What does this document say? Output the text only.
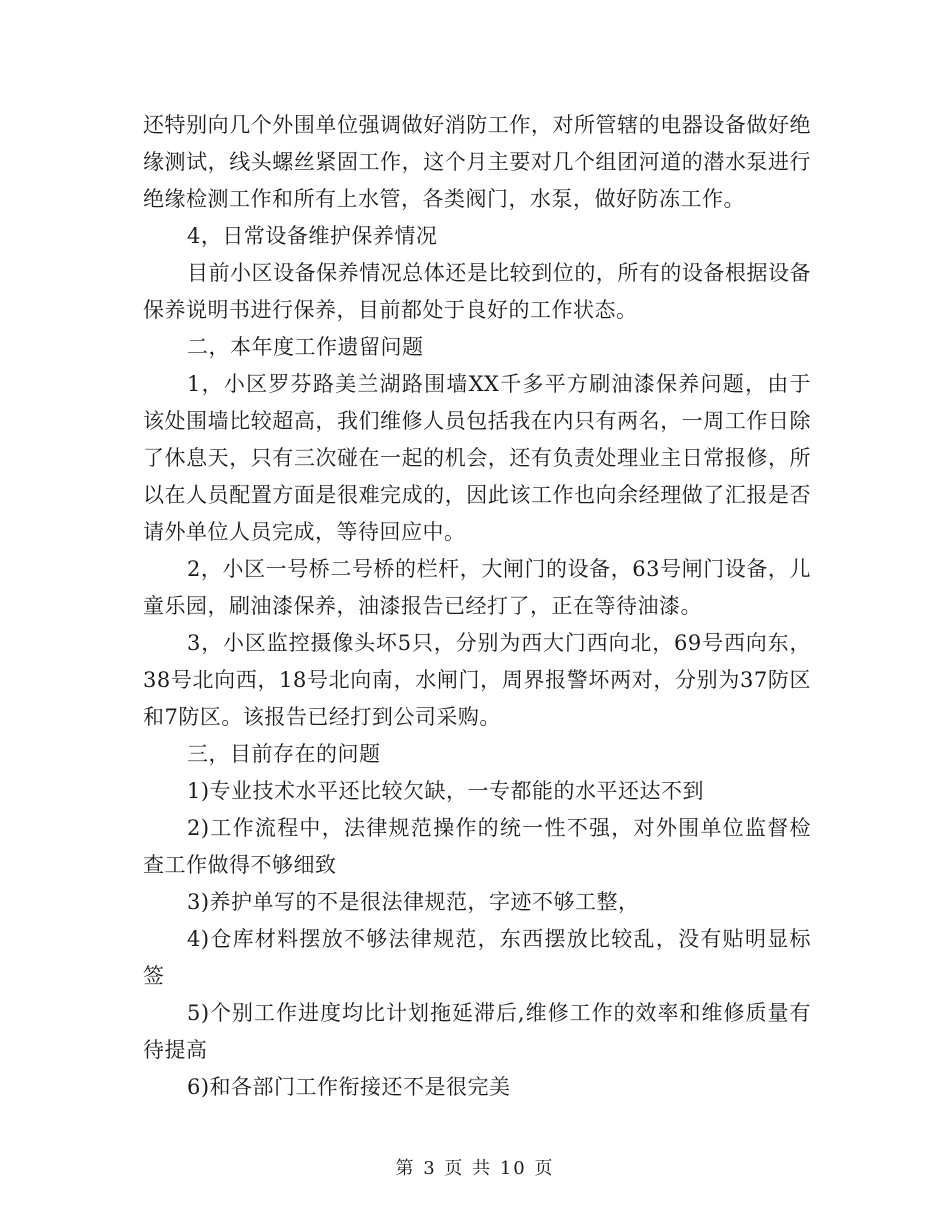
还特别向几个外围单位强调做好消防工作，对所管辖的电器设备做好绝缘测试，线头螺丝紧固工作，这个月主要对几个组团河道的潜水泵进行绝缘检测工作和所有上水管，各类阀门，水泵，做好防冻工作。

4，日常设备维护保养情况

目前小区设备保养情况总体还是比较到位的，所有的设备根据设备保养说明书进行保养，目前都处于良好的工作状态。

二，本年度工作遗留问题

1，小区罗芬路美兰湖路围墙XX千多平方刷油漆保养问题，由于该处围墙比较超高，我们维修人员包括我在内只有两名，一周工作日除了休息天，只有三次碰在一起的机会，还有负责处理业主日常报修，所以在人员配置方面是很难完成的，因此该工作也向余经理做了汇报是否请外单位人员完成，等待回应中。

2，小区一号桥二号桥的栏杆，大闸门的设备，63号闸门设备，儿童乐园，刷油漆保养，油漆报告已经打了，正在等待油漆。

3，小区监控摄像头坏5只，分别为西大门西向北，69号西向东，38号北向西，18号北向南，水闸门，周界报警坏两对，分别为37防区和7防区。该报告已经打到公司采购。

三，目前存在的问题

1)专业技术水平还比较欠缺，一专都能的水平还达不到

2)工作流程中，法律规范操作的统一性不强，对外围单位监督检查工作做得不够细致

3)养护单写的不是很法律规范，字迹不够工整，

4)仓库材料摆放不够法律规范，东西摆放比较乱，没有贴明显标签

5)个别工作进度均比计划拖延滞后,维修工作的效率和维修质量有待提高

6)和各部门工作衔接还不是很完美

第 3 页 共 10 页
